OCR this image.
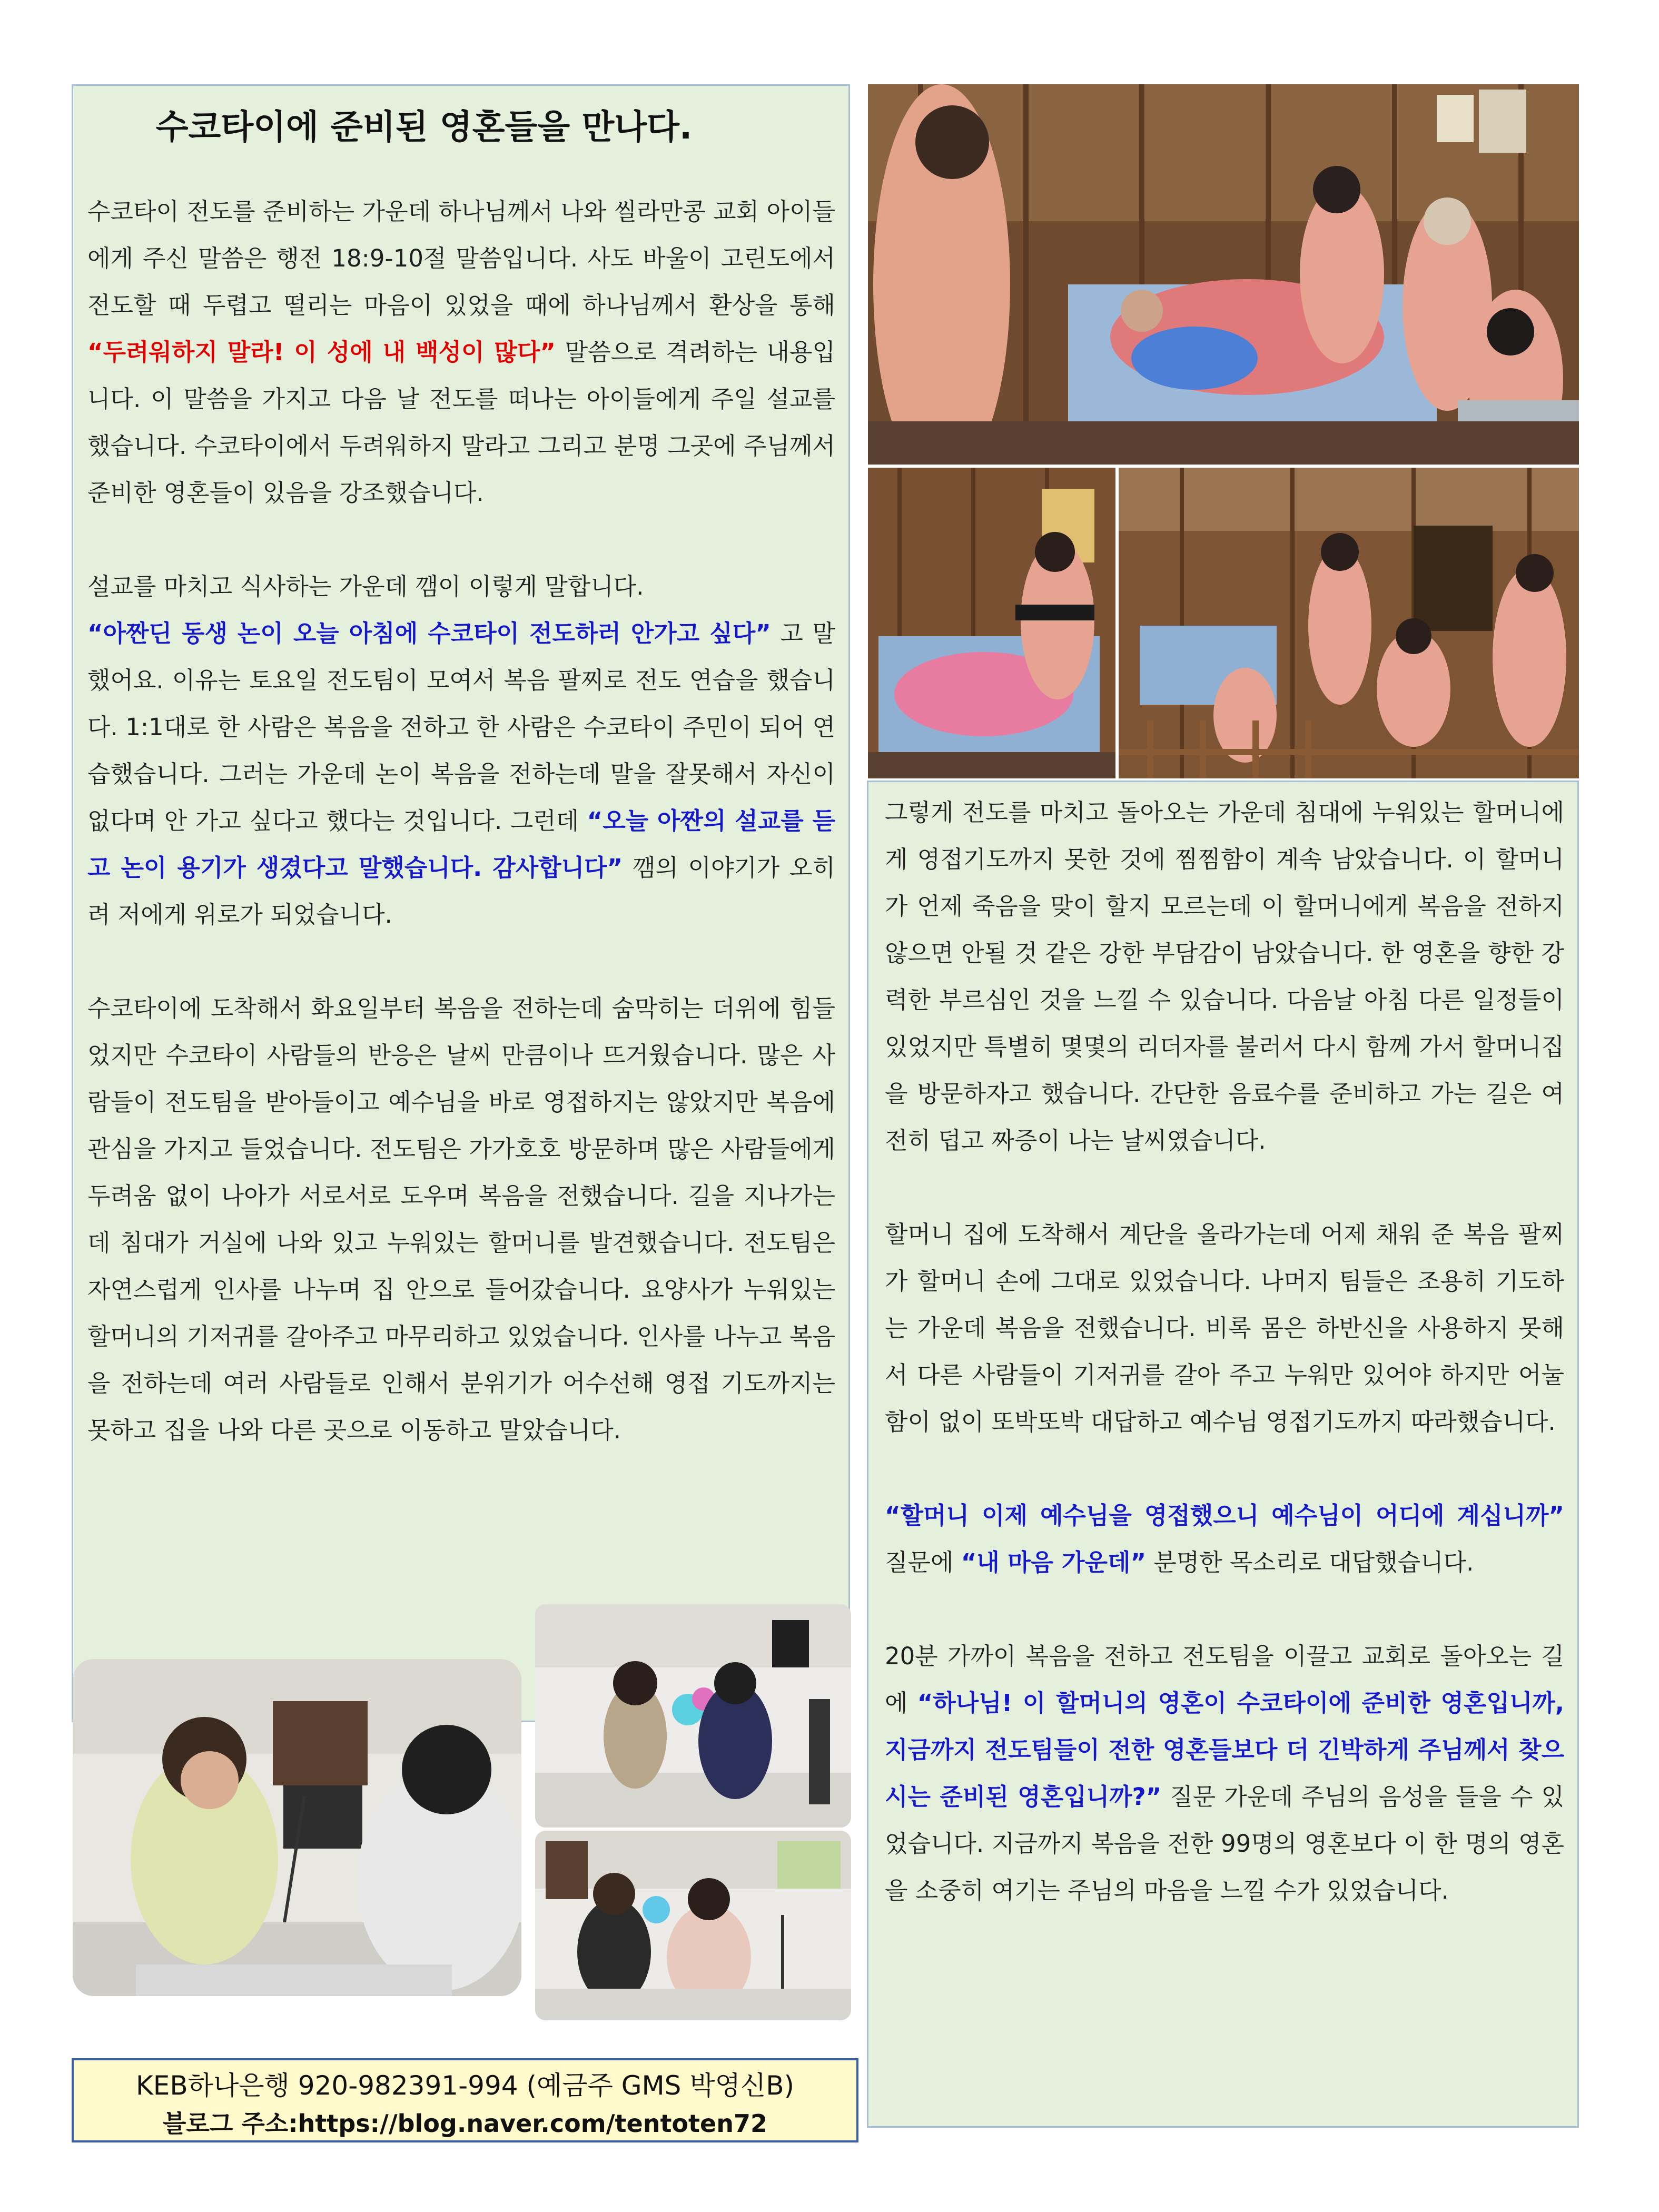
수코타이에 준비된 영혼들을 만나다.

수코타이 전도를 준비하는 가운데 하나님께서 나와 씰라만콩 교회 아이들에게 주신 말씀은 행전 18:9-10절 말씀입니다. 사도 바울이 고린도에서 전도할 때 두렵고 떨리는 마음이 있었을 때에 하나님께서 환상을 통해 “두려워하지 말라! 이 성에 내 백성이 많다” 말씀으로 격려하는 내용입니다. 이 말씀을 가지고 다음 날 전도를 떠나는 아이들에게 주일 설교를 했습니다. 수코타이에서 두려워하지 말라고 그리고 분명 그곳에 주님께서 준비한 영혼들이 있음을 강조했습니다.

설교를 마치고 식사하는 가운데 깸이 이렇게 말합니다.
“아짠딘 동생 논이 오늘 아침에 수코타이 전도하러 안가고 싶다” 고 말했어요. 이유는 토요일 전도팀이 모여서 복음 팔찌로 전도 연습을 했습니다. 1:1대로 한 사람은 복음을 전하고 한 사람은 수코타이 주민이 되어 연습했습니다. 그러는 가운데 논이 복음을 전하는데 말을 잘못해서 자신이 없다며 안 가고 싶다고 했다는 것입니다. 그런데 “오늘 아짠의 설교를 듣고 논이 용기가 생겼다고 말했습니다. 감사합니다” 깸의 이야기가 오히려 저에게 위로가 되었습니다.

수코타이에 도착해서 화요일부터 복음을 전하는데 숨막히는 더위에 힘들었지만 수코타이 사람들의 반응은 날씨 만큼이나 뜨거웠습니다. 많은 사람들이 전도팀을 받아들이고 예수님을 바로 영접하지는 않았지만 복음에 관심을 가지고 들었습니다. 전도팀은 가가호호 방문하며 많은 사람들에게 두려움 없이 나아가 서로서로 도우며 복음을 전했습니다. 길을 지나가는데 침대가 거실에 나와 있고 누워있는 할머니를 발견했습니다. 전도팀은 자연스럽게 인사를 나누며 집 안으로 들어갔습니다. 요양사가 누워있는 할머니의 기저귀를 갈아주고 마무리하고 있었습니다. 인사를 나누고 복음을 전하는데 여러 사람들로 인해서 분위기가 어수선해 영접 기도까지는 못하고 집을 나와 다른 곳으로 이동하고 말았습니다.

그렇게 전도를 마치고 돌아오는 가운데 침대에 누워있는 할머니에게 영접기도까지 못한 것에 찜찜함이 계속 남았습니다. 이 할머니가 언제 죽음을 맞이 할지 모르는데 이 할머니에게 복음을 전하지 않으면 안될 것 같은 강한 부담감이 남았습니다. 한 영혼을 향한 강력한 부르심인 것을 느낄 수 있습니다. 다음날 아침 다른 일정들이 있었지만 특별히 몇몇의 리더자를 불러서 다시 함께 가서 할머니집을 방문하자고 했습니다. 간단한 음료수를 준비하고 가는 길은 여전히 덥고 짜증이 나는 날씨였습니다.

할머니 집에 도착해서 계단을 올라가는데 어제 채워 준 복음 팔찌가 할머니 손에 그대로 있었습니다. 나머지 팀들은 조용히 기도하는 가운데 복음을 전했습니다. 비록 몸은 하반신을 사용하지 못해서 다른 사람들이 기저귀를 갈아 주고 누워만 있어야 하지만 어눌함이 없이 또박또박 대답하고 예수님 영접기도까지 따라했습니다.

“할머니 이제 예수님을 영접했으니 예수님이 어디에 계십니까” 질문에 “내 마음 가운데” 분명한 목소리로 대답했습니다.

20분 가까이 복음을 전하고 전도팀을 이끌고 교회로 돌아오는 길에 “하나님! 이 할머니의 영혼이 수코타이에 준비한 영혼입니까, 지금까지 전도팀들이 전한 영혼들보다 더 긴박하게 주님께서 찾으시는 준비된 영혼입니까?” 질문 가운데 주님의 음성을 들을 수 있었습니다. 지금까지 복음을 전한 99명의 영혼보다 이 한 명의 영혼을 소중히 여기는 주님의 마음을 느낄 수가 있었습니다.

KEB하나은행 920-982391-994 (예금주 GMS 박영신B)
블로그 주소:https://blog.naver.com/tentoten72
